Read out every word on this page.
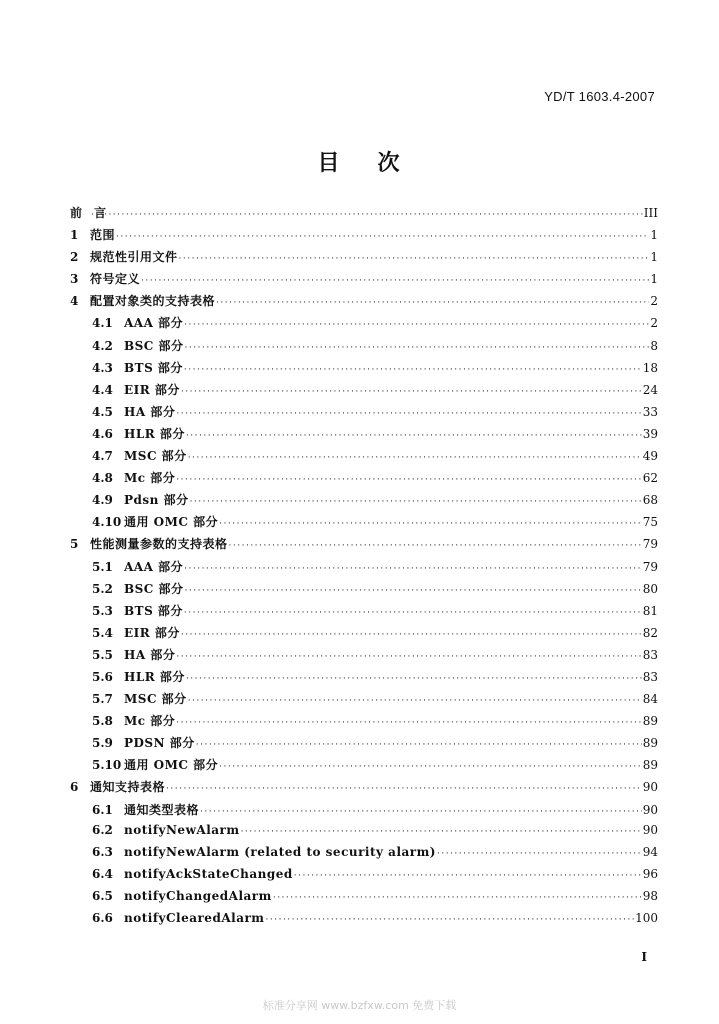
YD/T 1603.4-2007
目 次
前　言 ·····	III
1 范围 ·····	1
2 规范性引用文件 ·····	1
3 符号定义 ·····	1
4 配置对象类的支持表格 ·····	2
4.1 AAA 部分 ·····	2
4.2 BSC 部分 ·····	8
4.3 BTS 部分 ·····	18
4.4 EIR 部分 ·····	24
4.5 HA 部分 ·····	33
4.6 HLR 部分 ·····	39
4.7 MSC 部分 ·····	49
4.8 Mc 部分 ·····	62
4.9 Pdsn 部分 ·····	68
4.10 通用 OMC 部分 ·····	75
5 性能测量参数的支持表格 ·····	79
5.1 AAA 部分 ·····	79
5.2 BSC 部分 ·····	80
5.3 BTS 部分 ·····	81
5.4 EIR 部分 ·····	82
5.5 HA 部分 ·····	83
5.6 HLR 部分 ·····	83
5.7 MSC 部分 ·····	84
5.8 Mc 部分 ·····	89
5.9 PDSN 部分 ·····	89
5.10 通用 OMC 部分 ·····	89
6 通知支持表格 ·····	90
6.1 通知类型表格 ·····	90
6.2 notifyNewAlarm ·····	90
6.3 notifyNewAlarm (related to security alarm) ·····	94
6.4 notifyAckStateChanged ·····	96
6.5 notifyChangedAlarm ·····	98
6.6 notifyClearedAlarm ·····	100
I
标准分享网 www.bzfxw.com 免费下载
